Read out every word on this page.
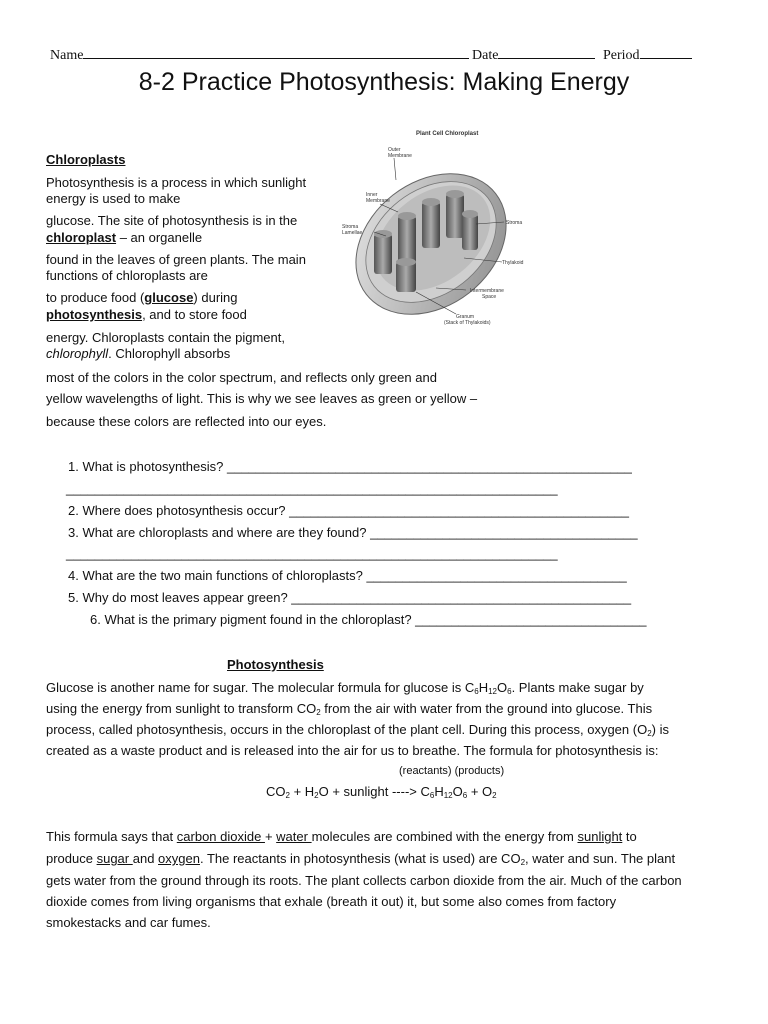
Name	Date	Period
8-2 Practice Photosynthesis: Making Energy
Chloroplasts
Photosynthesis is a process in which sunlight
energy is used to make
glucose. The site of photosynthesis is in the
chloroplast – an organelle
found in the leaves of green plants. The main
functions of chloroplasts are
to produce food (glucose) during
photosynthesis, and to store food
energy. Chloroplasts contain the pigment,
chlorophyll. Chlorophyll absorbs
most of the colors in the color spectrum, and reflects only green and
yellow wavelengths of light. This is why we see leaves as green or yellow –
because these colors are reflected into our eyes.
Plant Cell Chloroplast
Outer
Membrane
Inner
Membrane
Stroma
Lamellae
Stroma
Thylakoid
Intermembrane
Space
Granum
(Stack of Thylakoids)
1. What is photosynthesis? ________________________________________________________
____________________________________________________________________
2. Where does photosynthesis occur? _______________________________________________
3. What are chloroplasts and where are they found? _____________________________________
____________________________________________________________________
4. What are the two main functions of chloroplasts? ____________________________________
5. Why do most leaves appear green? _______________________________________________
6. What is the primary pigment found in the chloroplast? ________________________________
Photosynthesis
Glucose is another name for sugar. The molecular formula for glucose is $C_6H_{12}O_6$. Plants make sugar by
using the energy from sunlight to transform $CO_2$ from the air with water from the ground into glucose. This
process, called photosynthesis, occurs in the chloroplast of the plant cell. During this process, oxygen $(O_2)$ is
created as a waste product and is released into the air for us to breathe. The formula for photosynthesis is:
(reactants) (products)
$CO_2 + H_2O$ + sunlight ----> $C_6H_{12}O_6 + O_2$
This formula says that carbon dioxide + water molecules are combined with the energy from sunlight to
produce sugar and oxygen. The reactants in photosynthesis (what is used) are $CO_2$, water and sun. The plant
gets water from the ground through its roots. The plant collects carbon dioxide from the air. Much of the carbon
dioxide comes from living organisms that exhale (breath it out) it, but some also comes from factory
smokestacks and car fumes.
